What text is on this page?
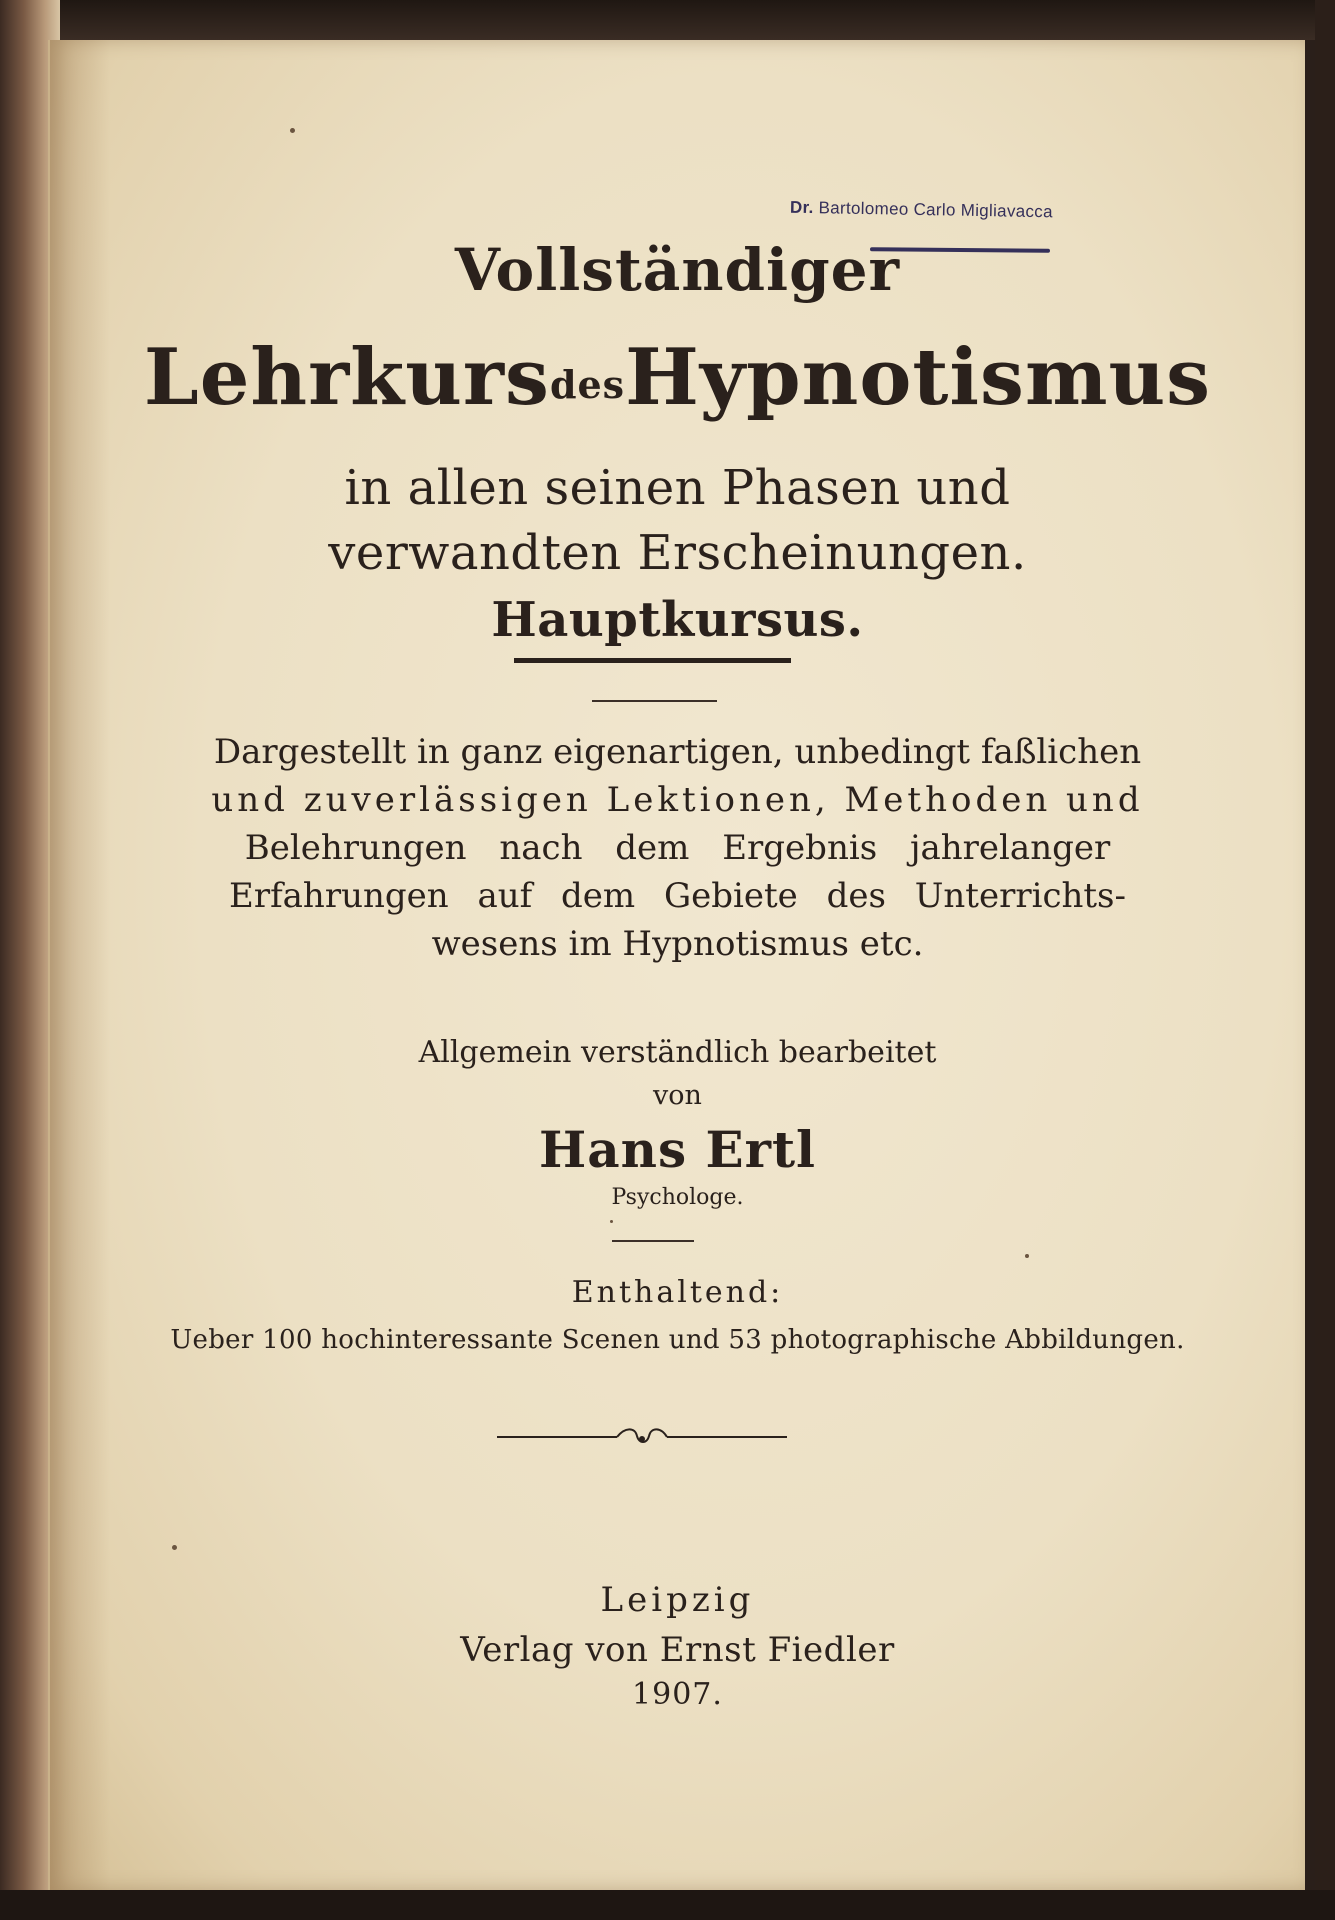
Dr. Bartolomeo Carlo Migliavacca
Vollständiger
LehrkursdesHypnotismus
in allen seinen Phasen und
verwandten Erscheinungen.
Hauptkursus.
Dargestellt in ganz eigenartigen, unbedingt faßlichen
und zuverlässigen Lektionen, Methoden und
Belehrungen nach dem Ergebnis jahrelanger
Erfahrungen auf dem Gebiete des Unterrichts-
wesens im Hypnotismus etc.
Allgemein verständlich bearbeitet
von
Hans Ertl
Psychologe.
Enthaltend:
Ueber 100 hochinteressante Scenen und 53 photographische Abbildungen.
Leipzig
Verlag von Ernst Fiedler
1907.
